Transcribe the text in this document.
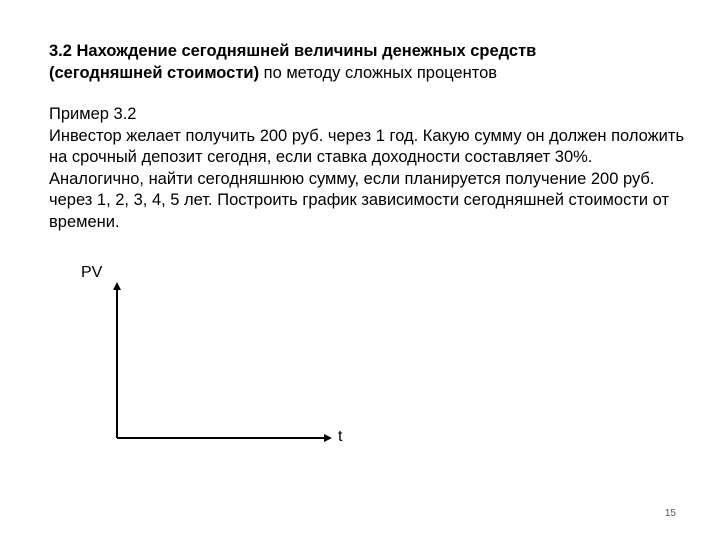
3.2 Нахождение сегодняшней величины денежных средств
(сегодняшней стоимости) по методу сложных процентов

Пример 3.2

Инвестор желает получить 200 руб. через 1 год. Какую сумму он должен положить на срочный депозит сегодня, если ставка доходности составляет 30%. Аналогично, найти сегодняшнюю сумму, если планируется получение 200 руб. через 1, 2, 3, 4, 5 лет. Построить график зависимости сегодняшней стоимости от времени.

PV
t
15
